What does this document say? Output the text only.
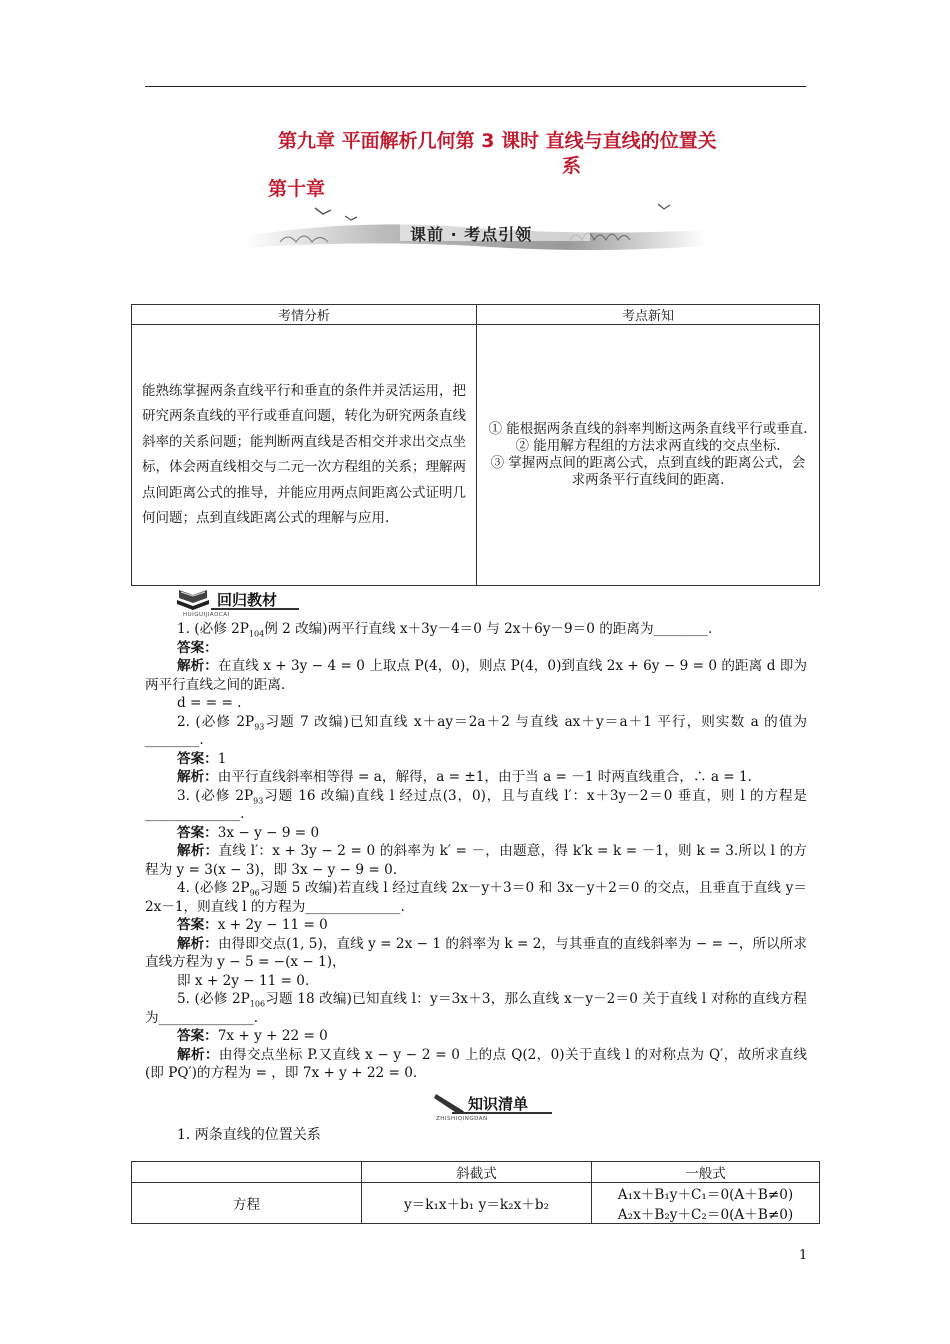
第九章 平面解析几何第 3 课时 直线与直线的位置关
系
第十章
课前 · 考点引领
考情分析	考点新知

能熟练掌握两条直线平行和垂直的条件并灵活运用，把研究两条直线的平行或垂直问题，转化为研究两条直线斜率的关系问题；能判断两直线是否相交并求出交点坐标，体会两直线相交与二元一次方程组的关系；理解两点间距离公式的推导，并能应用两点间距离公式证明几何问题；点到直线距离公式的理解与应用.	① 能根据两条直线的斜率判断这两条直线平行或垂直.
② 能用解方程组的方法求两直线的交点坐标.
③ 掌握两点间的距离公式，点到直线的距离公式，会求两条平行直线间的距离.
回归教材
HUIGUIJIAOCAI

1. (必修 $2P_{104}$例 2 改编)两平行直线 x＋3y－4＝0 与 2x＋6y－9＝0 的距离为________.

答案：

解析：在直线 x + 3y − 4 = 0 上取点 P(4，0)，则点 P(4，0)到直线 2x + 6y − 9 = 0 的距离 d 即为两平行直线之间的距离.

d = = = .

2. (必修 $2P_{93}$习题 7 改编)已知直线 x＋ay＝2a＋2 与直线 ax＋y＝a＋1 平行，则实数 a 的值为________.

答案：1

解析：由平行直线斜率相等得 = a，解得，a = ±1，由于当 a = －1 时两直线重合，∴ a = 1.

3. (必修 $2P_{93}$习题 16 改编)直线 l 经过点(3，0)，且与直线 l′：x＋3y－2＝0 垂直，则 l 的方程是______________.

答案：3x − y − 9 = 0

解析：直线 l′：x + 3y − 2 = 0 的斜率为 k′ = －，由题意，得 k′k = k = －1，则 k = 3.所以 l 的方程为 y = 3(x − 3)，即 3x − y − 9 = 0.

4. (必修 $2P_{96}$习题 5 改编)若直线 l 经过直线 2x－y＋3＝0 和 3x－y＋2＝0 的交点，且垂直于直线 y＝2x－1，则直线 l 的方程为______________.

答案：x + 2y − 11 = 0

解析：由得即交点(1, 5)，直线 y = 2x − 1 的斜率为 k = 2，与其垂直的直线斜率为 − = −，所以所求直线方程为 y − 5 = −(x − 1)，

即 x + 2y − 11 = 0.

5. (必修 $2P_{106}$习题 18 改编)已知直线 l：y＝3x＋3，那么直线 x－y－2＝0 关于直线 l 对称的直线方程为______________.

答案：7x + y + 22 = 0

解析：由得交点坐标 P.又直线 x − y − 2 = 0 上的点 Q(2，0)关于直线 l 的对称点为 Q′，故所求直线(即 PQ′)的方程为 = ，即 7x + y + 22 = 0.

知识清单
ZHISHIQINGDAN
1. 两条直线的位置关系
	斜截式	一般式
方程	y＝k₁x＋b₁ y＝k₂x＋b₂	A₁x＋B₁y＋C₁＝0(A＋B≠0)
A₂x＋B₂y＋C₂＝0(A＋B≠0)
1
